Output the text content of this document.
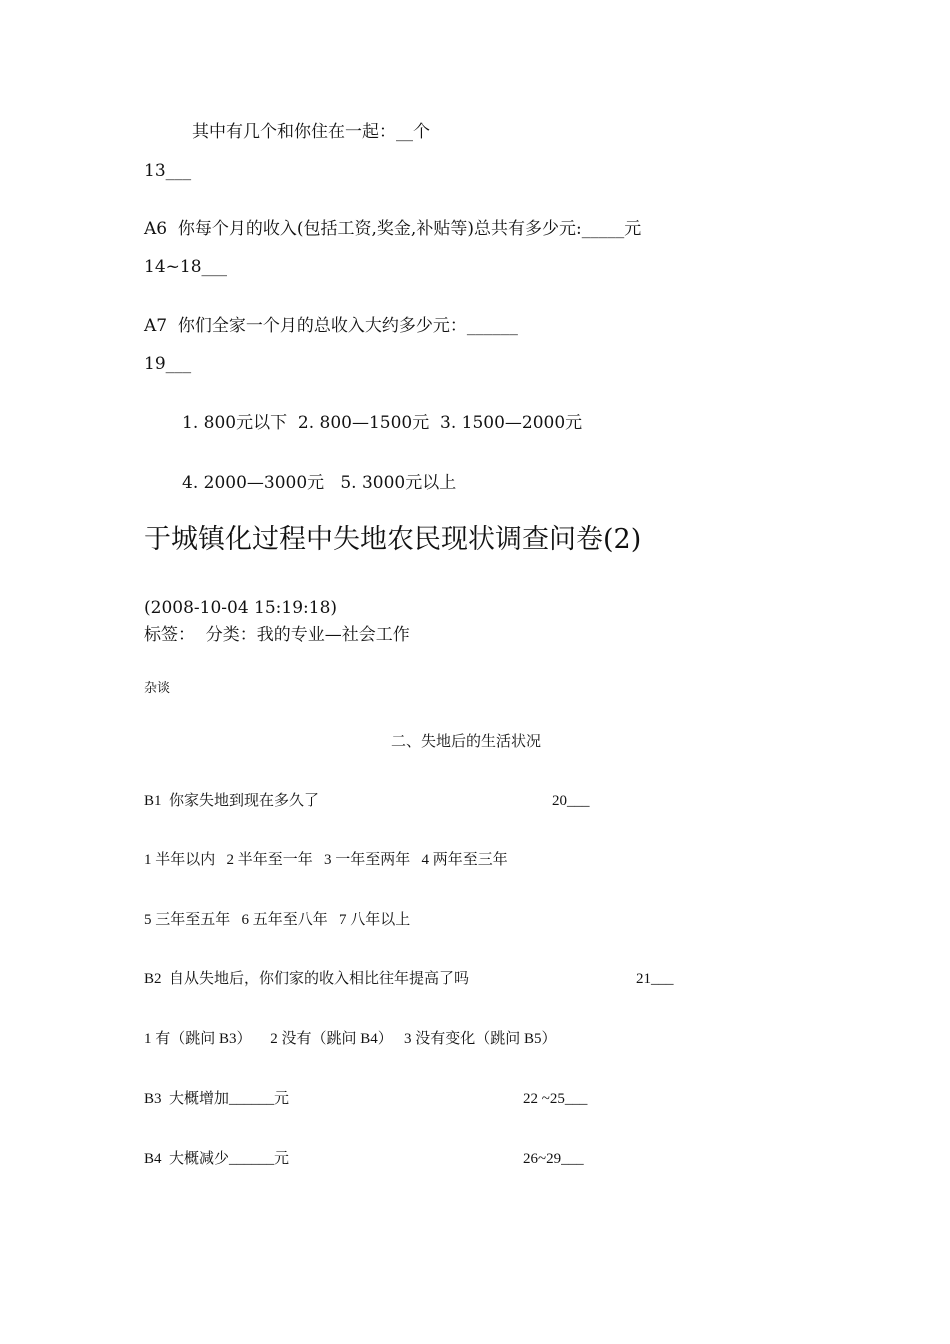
其中有几个和你住在一起：__个
13___
A6  你每个月的收入(包括工资,奖金,补贴等)总共有多少元:_____元
14~18___
A7  你们全家一个月的总收入大约多少元：______
19___
1. 800元以下  2. 800—1500元  3. 1500—2000元
4. 2000—3000元   5. 3000元以上
于城镇化过程中失地农民现状调查问卷(2)
(2008-10-04 15:19:18)
标签：  分类：我的专业—社会工作
杂谈
二、失地后的生活状况
B1  你家失地到现在多久了	20___
1 半年以内   2 半年至一年   3 一年至两年   4 两年至三年
5 三年至五年   6 五年至八年   7 八年以上
B2  自从失地后，你们家的收入相比往年提高了吗	21___
1 有（跳问 B3）     2 没有（跳问 B4）   3 没有变化（跳问 B5）
B3  大概增加______元	22 ~25___
B4  大概减少______元	26~29___
